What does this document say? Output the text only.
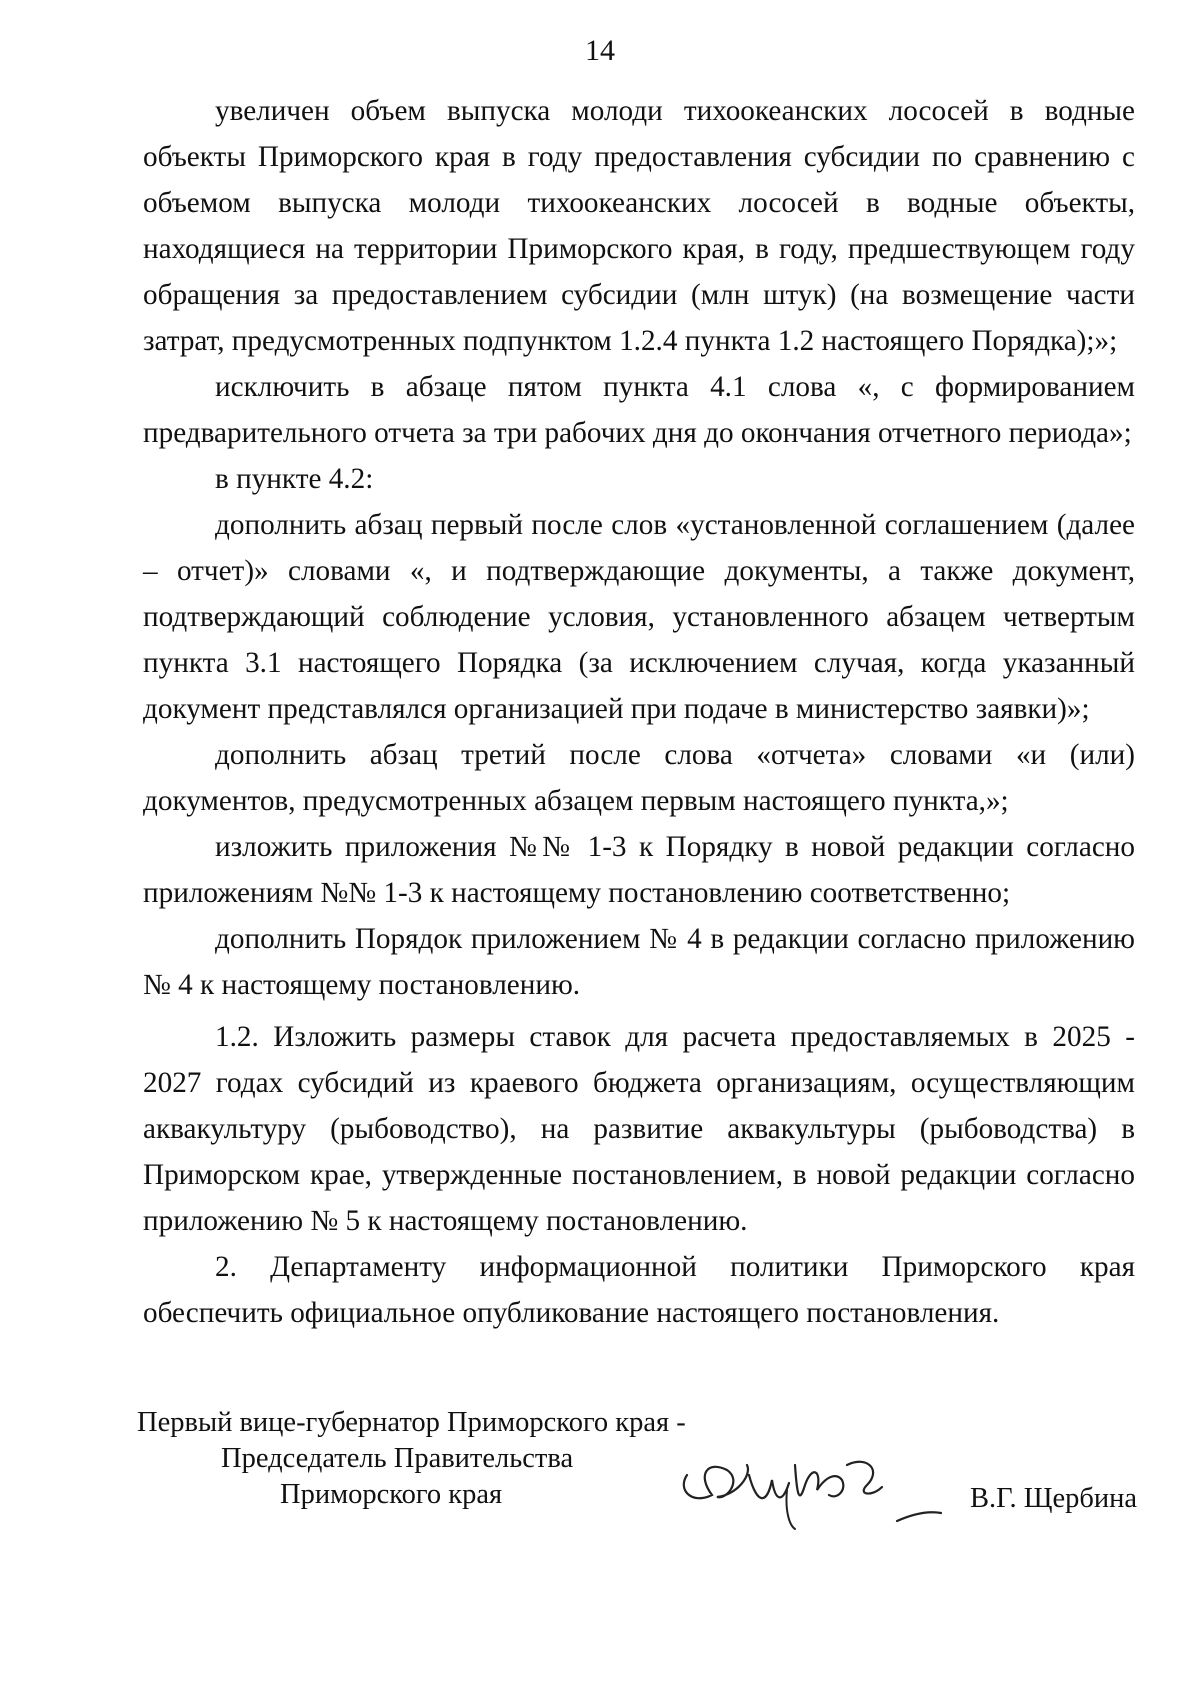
14

увеличен объем выпуска молоди тихоокеанских лососей в водные объекты Приморского края в году предоставления субсидии по сравнению с объемом выпуска молоди тихоокеанских лососей в водные объекты, находящиеся на территории Приморского края, в году, предшествующем году обращения за предоставлением субсидии (млн штук) (на возмещение части затрат, предусмотренных подпунктом 1.2.4 пункта 1.2 настоящего Порядка);»;

исключить в абзаце пятом пункта 4.1 слова «, с формированием предварительного отчета за три рабочих дня до окончания отчетного периода»;

в пункте 4.2:

дополнить абзац первый после слов «установленной соглашением (далее – отчет)» словами «, и подтверждающие документы, а также документ, подтверждающий соблюдение условия, установленного абзацем четвертым пункта 3.1 настоящего Порядка (за исключением случая, когда указанный документ представлялся организацией при подаче в министерство заявки)»;

дополнить абзац третий после слова «отчета» словами «и (или) документов, предусмотренных абзацем первым настоящего пункта,»;

изложить приложения №№ 1-3 к Порядку в новой редакции согласно приложениям №№ 1-3 к настоящему постановлению соответственно;

дополнить Порядок приложением № 4 в редакции согласно приложению № 4 к настоящему постановлению.

1.2. Изложить размеры ставок для расчета предоставляемых в 2025 - 2027 годах субсидий из краевого бюджета организациям, осуществляющим аквакультуру (рыбоводство), на развитие аквакультуры (рыбоводства) в Приморском крае, утвержденные постановлением, в новой редакции согласно приложению № 5 к настоящему постановлению.

2. Департаменту информационной политики Приморского края обеспечить официальное опубликование настоящего постановления.

Первый вице-губернатор Приморского края -
Председатель Правительства
Приморского края	В.Г. Щербина
